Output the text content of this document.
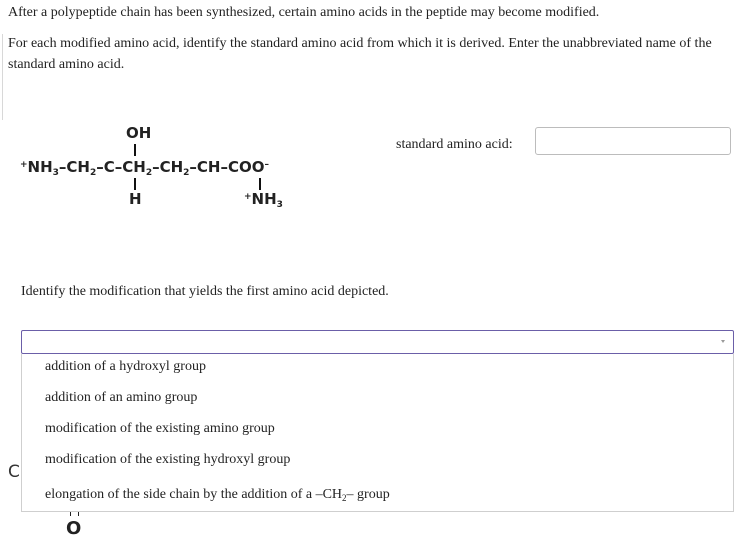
After a polypeptide chain has been synthesized, certain amino acids in the peptide may become modified.
For each modified amino acid, identify the standard amino acid from which it is derived. Enter the unabbreviated name of the standard amino acid.
OH
$^+NH_3-CH_2-C-CH_2-CH_2-CH-COO^-$
H	$^+NH_3$
standard amino acid:
Identify the modification that yields the first amino acid depicted.
C
O
addition of a hydroxyl group
addition of an amino group
modification of the existing amino group
modification of the existing hydroxyl group
elongation of the side chain by the addition of a $-CH_2-$ group
